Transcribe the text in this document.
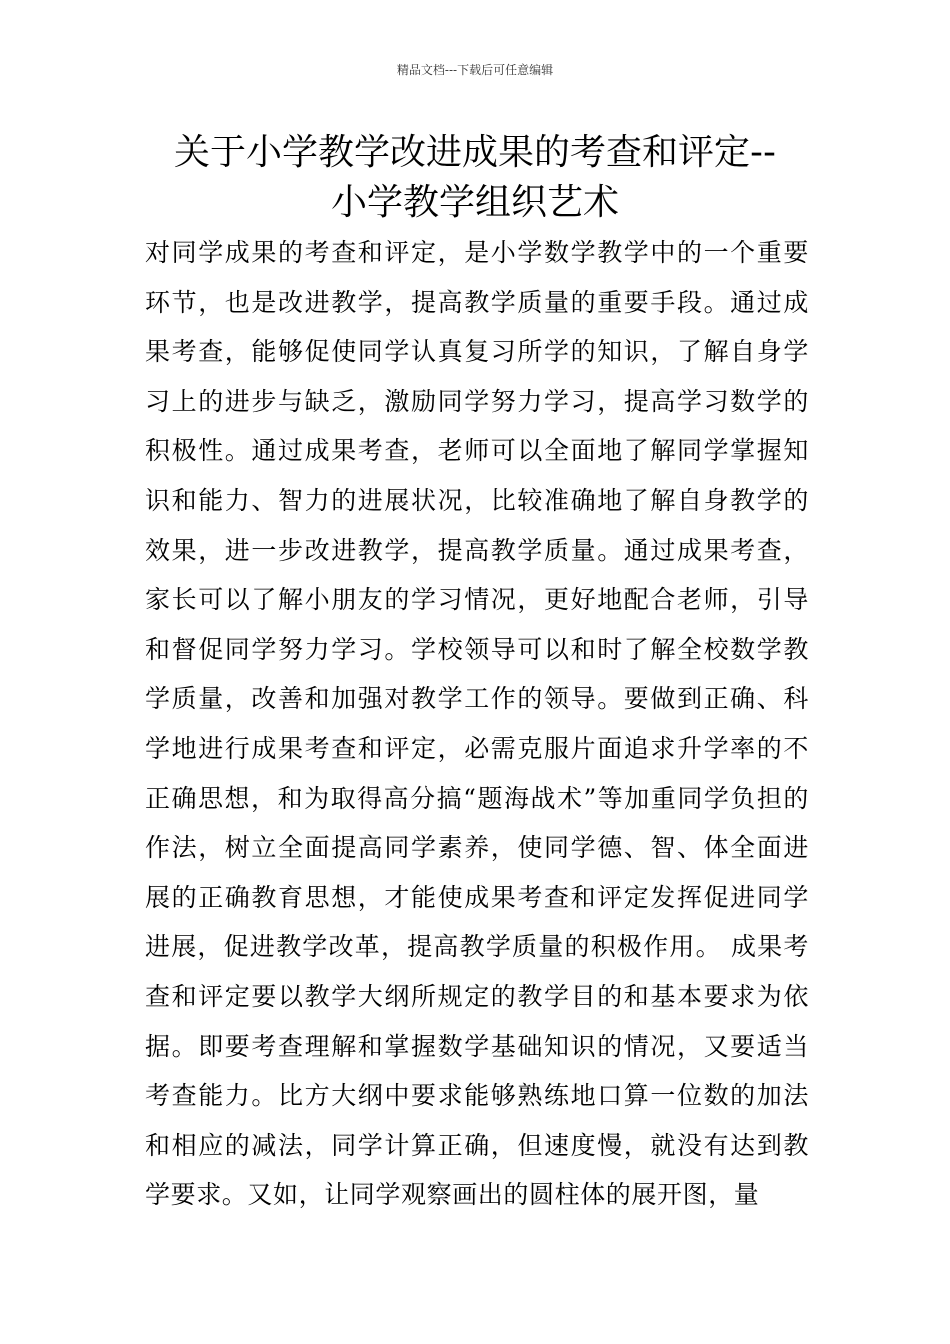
精品文档---下载后可任意编辑
关于小学教学改进成果的考查和评定--
小学教学组织艺术

对同学成果的考查和评定，是小学数学教学中的一个重要环节，也是改进教学，提高教学质量的重要手段。通过成果考查，能够促使同学认真复习所学的知识，了解自身学习上的进步与缺乏，激励同学努力学习，提高学习数学的积极性。通过成果考查，老师可以全面地了解同学掌握知识和能力、智力的进展状况，比较准确地了解自身教学的效果，进一步改进教学，提高教学质量。通过成果考查，家长可以了解小朋友的学习情况，更好地配合老师，引导和督促同学努力学习。学校领导可以和时了解全校数学教学质量，改善和加强对教学工作的领导。要做到正确、科学地进行成果考查和评定，必需克服片面追求升学率的不正确思想，和为取得高分搞“题海战术”等加重同学负担的作法，树立全面提高同学素养，使同学德、智、体全面进展的正确教育思想，才能使成果考查和评定发挥促进同学进展，促进教学改革，提高教学质量的积极作用。 成果考查和评定要以教学大纲所规定的教学目的和基本要求为依据。即要考查理解和掌握数学基础知识的情况，又要适当考查能力。比方大纲中要求能够熟练地口算一位数的加法和相应的减法，同学计算正确，但速度慢，就没有达到教学要求。又如，让同学观察画出的圆柱体的展开图，量
